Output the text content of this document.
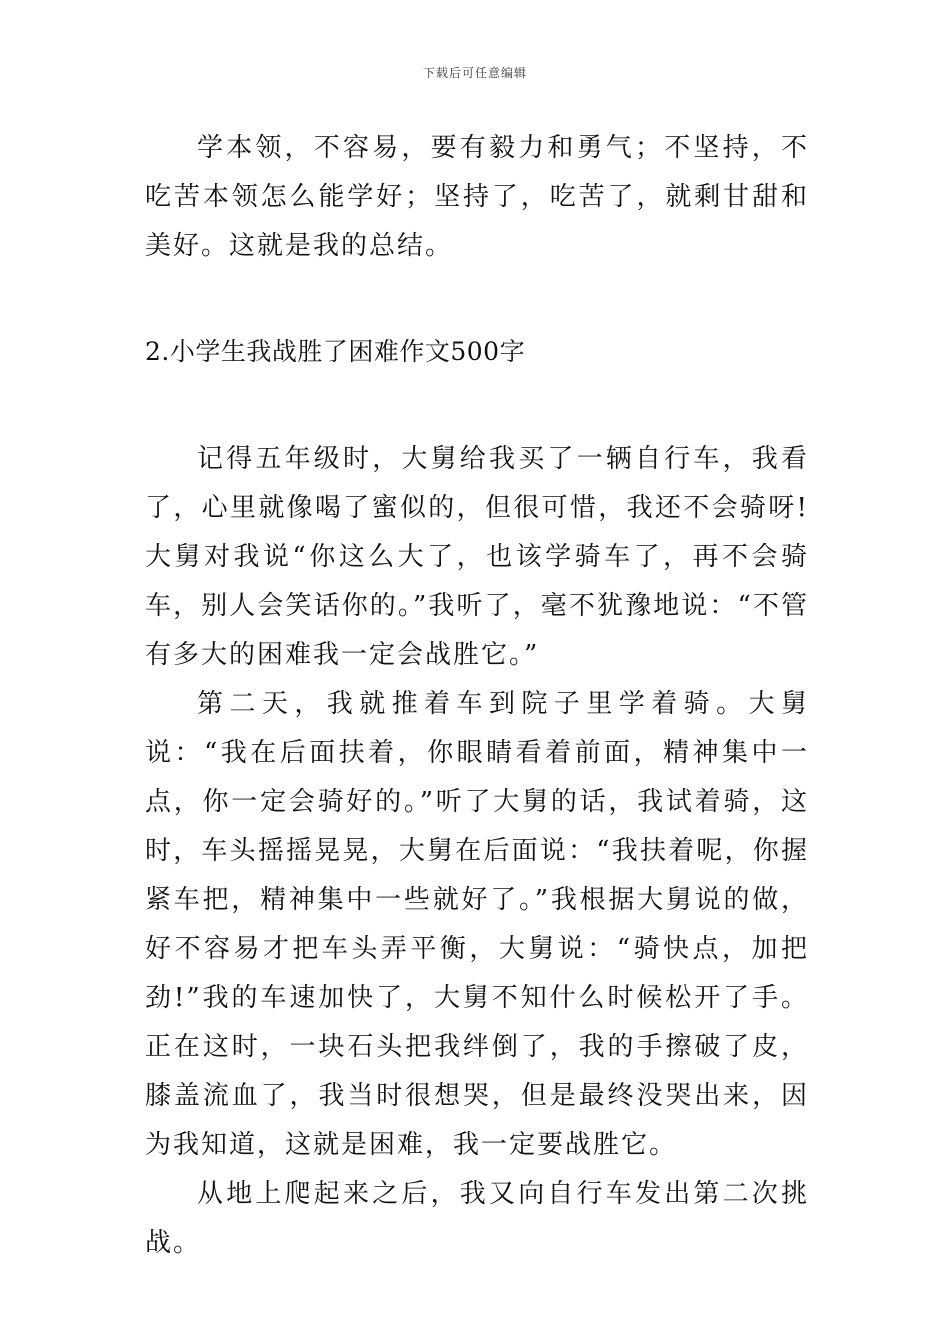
下载后可任意编辑

学本领，不容易，要有毅力和勇气；不坚持，不吃苦本领怎么能学好；坚持了，吃苦了，就剩甘甜和美好。这就是我的总结。

2.小学生我战胜了困难作文500字

记得五年级时，大舅给我买了一辆自行车，我看了，心里就像喝了蜜似的，但很可惜，我还不会骑呀!大舅对我说“你这么大了，也该学骑车了，再不会骑车，别人会笑话你的。”我听了，毫不犹豫地说：“不管有多大的困难我一定会战胜它。”

第二天，我就推着车到院子里学着骑。大舅说：“我在后面扶着，你眼睛看着前面，精神集中一点，你一定会骑好的。”听了大舅的话，我试着骑，这时，车头摇摇晃晃，大舅在后面说：“我扶着呢，你握紧车把，精神集中一些就好了。”我根据大舅说的做，好不容易才把车头弄平衡，大舅说：“骑快点，加把劲!”我的车速加快了，大舅不知什么时候松开了手。正在这时，一块石头把我绊倒了，我的手擦破了皮，膝盖流血了，我当时很想哭，但是最终没哭出来，因为我知道，这就是困难，我一定要战胜它。

从地上爬起来之后，我又向自行车发出第二次挑战。
